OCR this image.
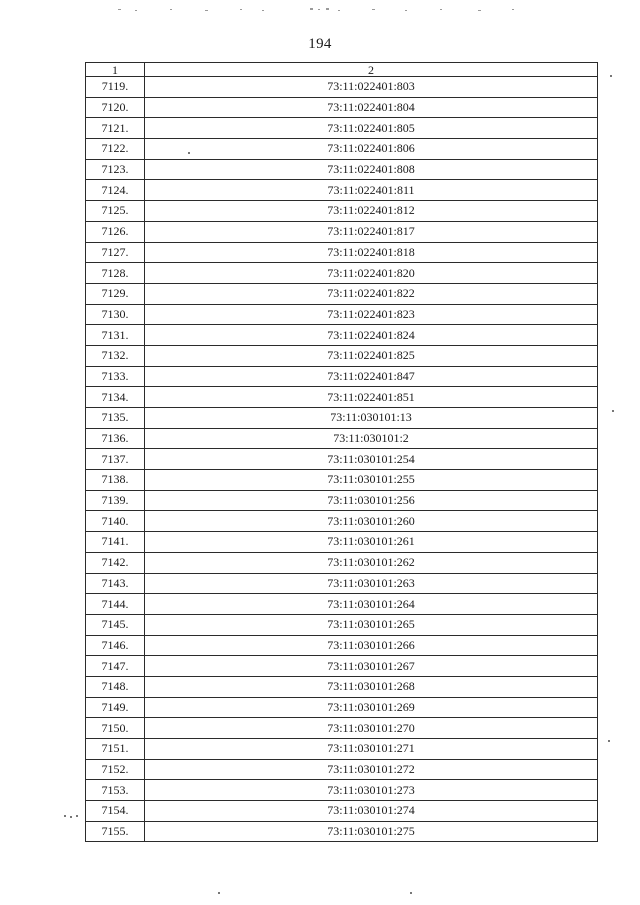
194
1	2
7119.	73:11:022401:803
7120.	73:11:022401:804
7121.	73:11:022401:805
7122.	73:11:022401:806
7123.	73:11:022401:808
7124.	73:11:022401:811
7125.	73:11:022401:812
7126.	73:11:022401:817
7127.	73:11:022401:818
7128.	73:11:022401:820
7129.	73:11:022401:822
7130.	73:11:022401:823
7131.	73:11:022401:824
7132.	73:11:022401:825
7133.	73:11:022401:847
7134.	73:11:022401:851
7135.	73:11:030101:13
7136.	73:11:030101:2
7137.	73:11:030101:254
7138.	73:11:030101:255
7139.	73:11:030101:256
7140.	73:11:030101:260
7141.	73:11:030101:261
7142.	73:11:030101:262
7143.	73:11:030101:263
7144.	73:11:030101:264
7145.	73:11:030101:265
7146.	73:11:030101:266
7147.	73:11:030101:267
7148.	73:11:030101:268
7149.	73:11:030101:269
7150.	73:11:030101:270
7151.	73:11:030101:271
7152.	73:11:030101:272
7153.	73:11:030101:273
7154.	73:11:030101:274
7155.	73:11:030101:275
